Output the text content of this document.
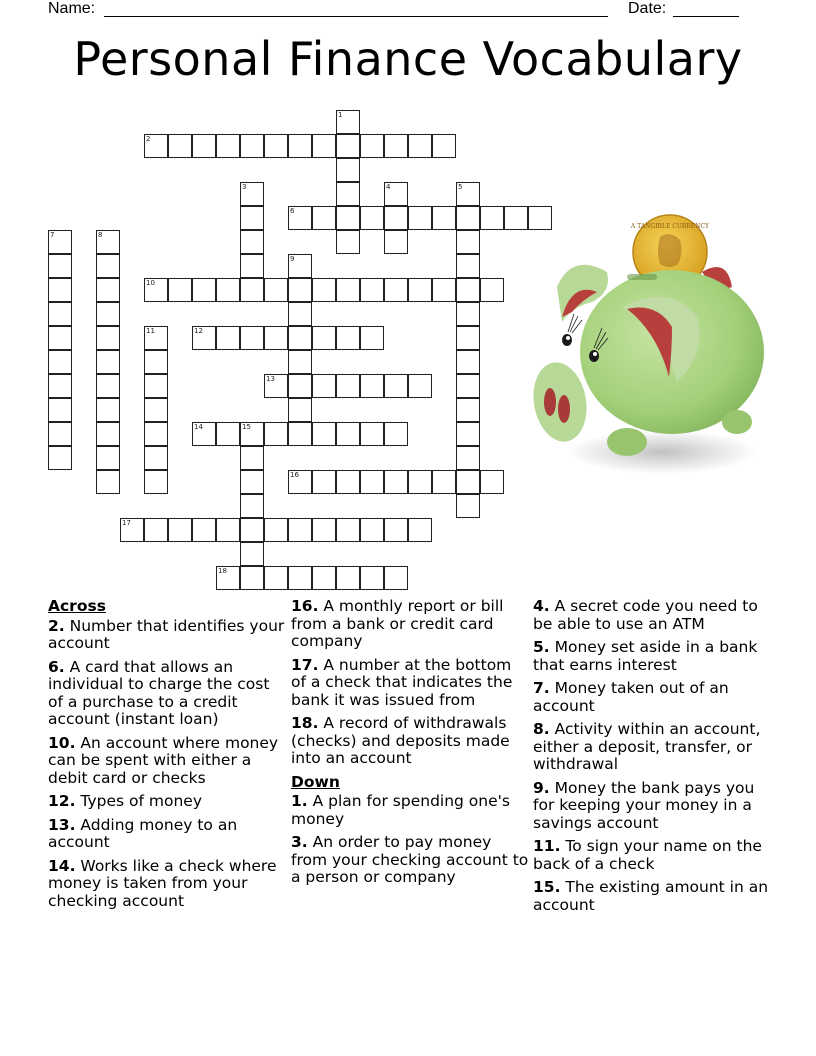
Name:	Date:
Personal Finance Vocabulary
1
2
3	4	5
6
7	8
9
10
11	12
13
14	15
16
17
18
A TANGIBLE CURRENCY
Across
2. Number that identifies your account
6. A card that allows an individual to charge the cost of a purchase to a credit account (instant loan)
10. An account where money can be spent with either a debit card or checks
12. Types of money
13. Adding money to an account
14. Works like a check where money is taken from your checking account
16. A monthly report or bill from a bank or credit card company
17. A number at the bottom of a check that indicates the bank it was issued from
18. A record of withdrawals (checks) and deposits made into an account
Down
1. A plan for spending one's money
3. An order to pay money from your checking account to a person or company
4. A secret code you need to be able to use an ATM
5. Money set aside in a bank that earns interest
7. Money taken out of an account
8. Activity within an account, either a deposit, transfer, or withdrawal
9. Money the bank pays you for keeping your money in a savings account
11. To sign your name on the back of a check
15. The existing amount in an account
